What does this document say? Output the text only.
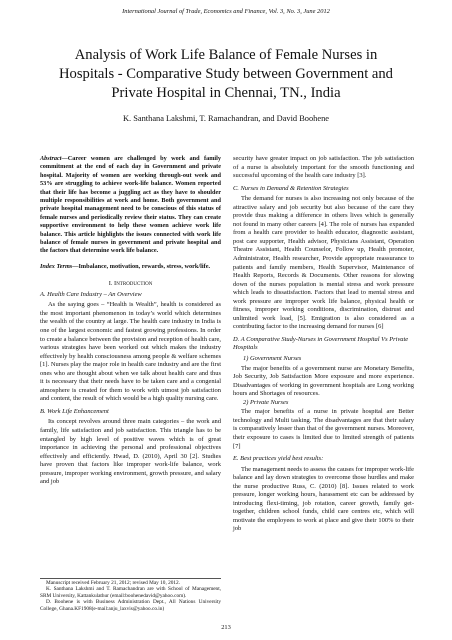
International Journal of Trade, Economics and Finance, Vol. 3, No. 3, June 2012
Analysis of Work Life Balance of Female Nurses in Hospitals - Comparative Study between Government and Private Hospital in Chennai, TN., India
K. Santhana Lakshmi, T. Ramachandran, and David Boohene

Abstract—Career women are challenged by work and family commitment at the end of each day in Government and private hospital. Majority of women are working through-out week and 53% are struggling to achieve work-life balance. Women reported that their life has become a juggling act as they have to shoulder multiple responsibilities at work and home. Both government and private hospital management need to be conscious of this status of female nurses and periodically review their status. They can create supportive environment to help these women achieve work life balance. This article highlights the issues connected with work life balance of female nurses in government and private hospital and the factors that determine work life balance.

Index Terms—Imbalance, motivation, rewards, stress, work/life.

I. Introduction
A. Health Care Industry – An Overview

As the saying goes – “Health is Wealth”, health is considered as the most important phenomenon in today’s world which determines the wealth of the country at large. The health care industry in India is one of the largest economic and fastest growing professions. In order to create a balance between the provision and reception of health care, various strategies have been worked out which makes the industry effectively by health consciousness among people & welfare schemes [1]. Nurses play the major role in health care industry and are the first ones who are thought about when we talk about health care and thus it is necessary that their needs have to be taken care and a congenial atmosphere is created for them to work with utmost job satisfaction and content, the result of which would be a high quality nursing care.

B. Work Life Enhancement

Its concept revolves around three main categories – the work and family, life satisfaction and job satisfaction. This triangle has to be entangled by high level of positive waves which is of great importance in achieving the personal and professional objectives effectively and efficiently. Hwad, D. (2010), April 30 [2]. Studies have proven that factors like improper work-life balance, work pressure, improper working environment, growth pressure, and salary and job

security have greater impact on job satisfaction. The job satisfaction of a nurse is absolutely important for the smooth functioning and successful upcoming of the health care industry [3].

C. Nurses in Demand & Retention Strategies

The demand for nurses is also increasing not only because of the attractive salary and job security but also because of the care they provide thus making a difference in others lives which is generally not found in many other careers [4]. The role of nurses has expanded from a health care provider to health educator, diagnostic assistant, post care supporter, Health advisor, Physicians Assistant, Operation Theatre Assistant, Health Counselor, Follow up, Health promoter, Administrator, Health researcher, Provide appropriate reassurance to patients and family members, Health Supervisor, Maintenance of Health Reports, Records & Documents. Other reasons for slowing down of the nurses population is mental stress and work pressure which leads to dissatisfaction. Factors that lead to mental stress and work pressure are improper work life balance, physical health or fitness, improper working conditions, discrimination, distrust and unlimited work load, [5]. Emigration is also considered as a contributing factor to the increasing demand for nurses [6]

D. A Comparative Study-Nurses in Government Hospital Vs Private Hospitals
1) Government Nurses

The major benefits of a government nurse are Monetary Benefits, Job Security, Job Satisfaction More exposure and more experience. Disadvantages of working in government hospitals are Long working hours and Shortages of resources.

2) Private Nurses

The major benefits of a nurse in private hospital are Better technology and Multi tasking. The disadvantages are that their salary is comparatively lesser than that of the government nurses. Moreover, their exposure to cases is limited due to limited strength of patients [7]

E. Best practices yield best results:

The management needs to assess the causes for improper work-life balance and lay down strategies to overcome those hurdles and make the nurse productive Russ, C. (2010) [8]. Issues related to work pressure, longer working hours, harassment etc can be addressed by introducing flexi-timing, job rotation, career growth, family get-together, children school funds, child care centres etc, which will motivate the employees to work at place and give their 100% to their job

Manuscript received February 21, 2012; revised May 10, 2012.

K. Santhana Lakshmi and T. Ramachandran are with School of Management, SRM University, Kattankulathur (email:boohenedavid@yahoo.com).

D. Boohene is with Business Administration Dept., All Nations University College, Ghana.KF1908(e-mail:anju_laxvis@yahoo.co.in)

213
